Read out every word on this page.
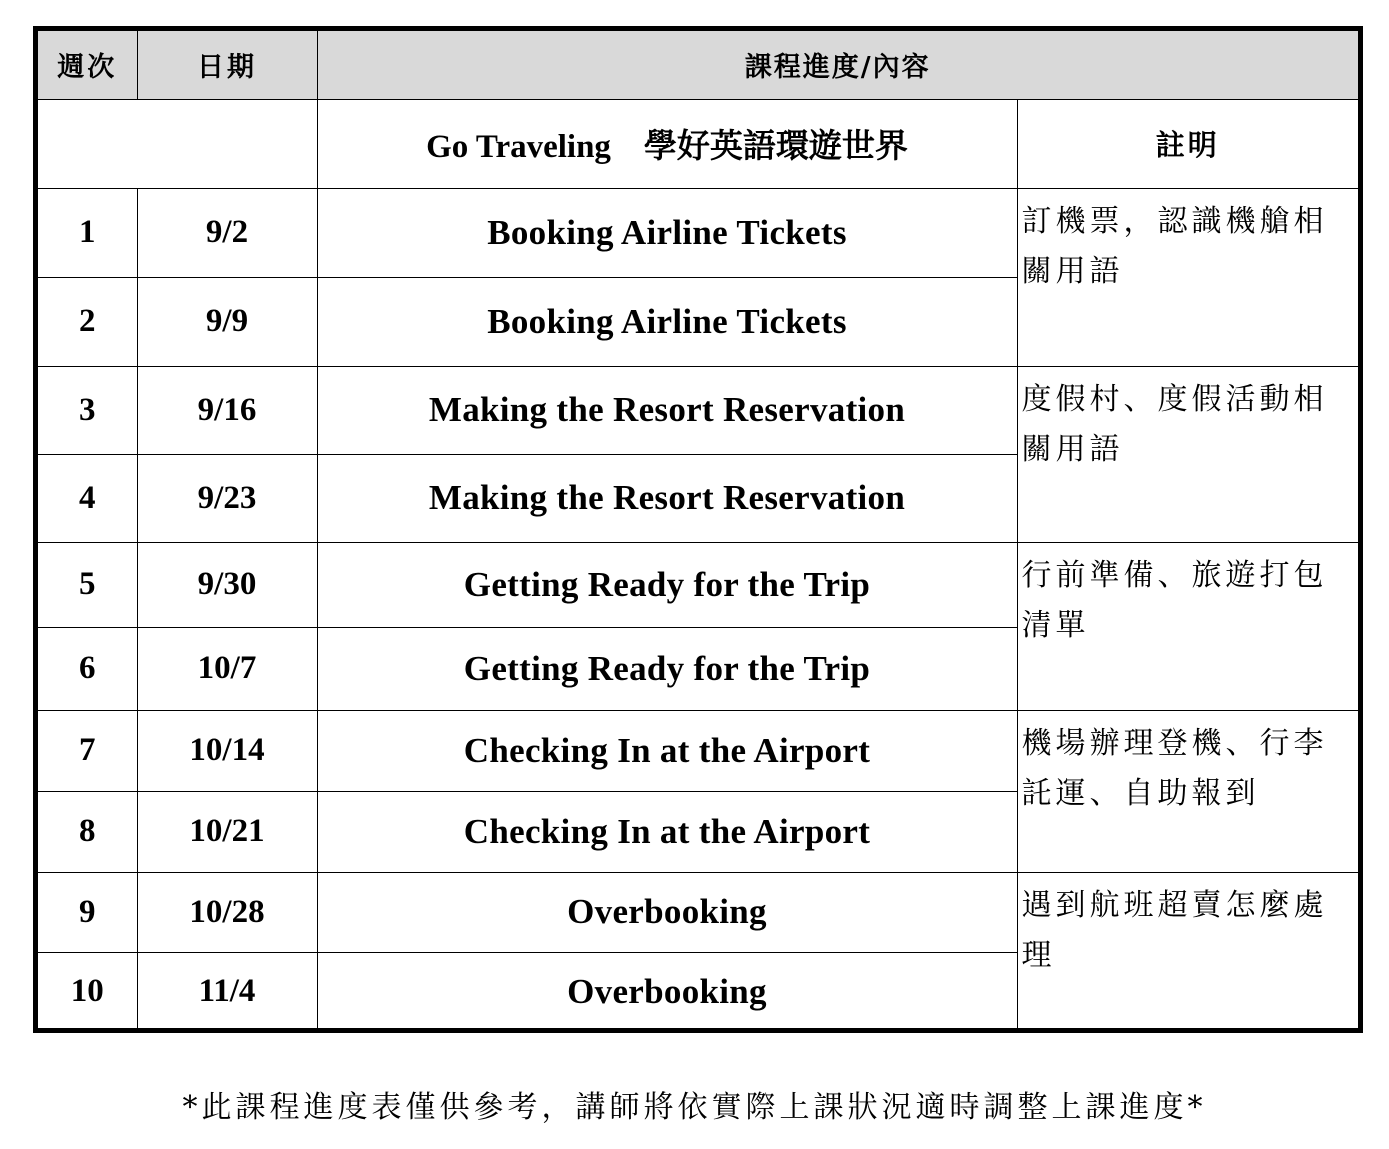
週次	日期	課程進度/內容	
		Go Traveling　學好英語環遊世界	註明
1	9/2	Booking Airline Tickets	訂機票，認識機艙相關用語
2	9/9	Booking Airline Tickets	
3	9/16	Making the Resort Reservation	度假村、度假活動相關用語
4	9/23	Making the Resort Reservation	
5	9/30	Getting Ready for the Trip	行前準備、旅遊打包清單
6	10/7	Getting Ready for the Trip	
7	10/14	Checking In at the Airport	機場辦理登機、行李託運、自助報到
8	10/21	Checking In at the Airport	
9	10/28	Overbooking	遇到航班超賣怎麼處理
10	11/4	Overbooking	
*此課程進度表僅供參考，講師將依實際上課狀況適時調整上課進度*
